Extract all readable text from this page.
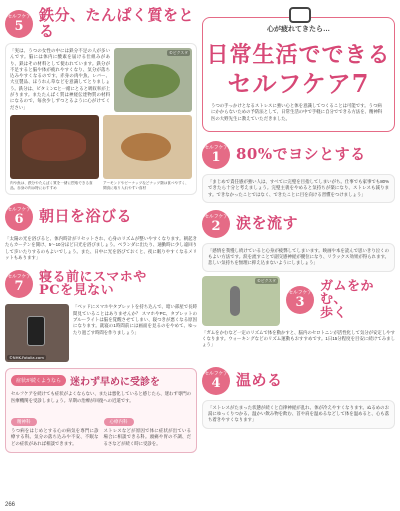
セルフケア
5
鉄分、たんぱく質をとる
「実は、うつの女性の中には鉄分不足の人が多いんです。脳には体内に酸素を届ける仕組みがあり、鉄はその材料として使われています。鉄分が不足すると脳や体が疲れやすくなり、気分が落ち込みやすくなるのです。赤身の肉や魚、レバー、大豆製品、ほうれん草などを意識してとりましょう。鉄分は、ビタミンCと一緒にとると吸収率が上がります。またたんぱく質は神経伝達物質の材料になるので、毎食少しずつとるように心がけてください」
©ピクスタ
肉や魚は、鉄分やたんぱく質を一緒に摂取できる食品。赤身の肉は特におすすめ
アーモンドやビーナッツなどナッツ類は食べやすく、間食に取り入れやすい食材
セルフケア
6 朝日を浴びる
「太陽の光を浴びると、体内時計がリセットされ、心身のリズムが整いやすくなります。朝起きたらカーテンを開け、5〜10分ほど日光を浴びましょう。ベランダに出たり、通勤時に少し遠回りして歩いたりするのもよいでしょう。また、日中に光を浴びておくと、夜に眠りやすくなるメリットもあります」
セルフケア
7
寝る前にスマホや
PCを見ない
©NHK-Fotolia.com
「ベッドにスマホやタブレットを持ち込んで、暗い部屋で長時間見ていることはありませんか？ スマホやPC、タブレットのブルーライトは脳を覚醒させてしまい、寝つきが悪くなる原因になります。就寝の1時間前には画面を見るのをやめて、ゆったり過ごす時間を作りましょう」
症状が続くようなら 迷わず早めに受診を
セルフケアを続けても症状がよくならない、または悪化していると感じたら、迷わず専門の医療機関を受診しましょう。早期の治療が回復への近道です。
精神科
うつ病をはじめとする心の病気を専門に診療する科。気分の落ち込みや不安、不眠などの症状があれば相談できます。
心療内科
ストレスなどが原因で体に症状が出ている場合に相談できる科。頭痛や胃の不調、だるさなどが続く時に受診を。
心が疲れてきたら…
日常生活でできる
セルフケア7
うつの手っかけとなるストレスに強い心と体を意識してつくることは可能です。うつ病にかからないための予防法として、日常生活の中で手軽に自分でできる方法を、精神科医の大野先生に教えていただきました。
セルフケア
1 80%でヨシとする
「まじめで責任感が強い人は、すべてに完璧を目指してしまいがち。仕事でも家事でも80%できたら十分と考えましょう。完璧主義をやめると気持ちが楽になり、ストレスも減ります。できなかったことではなく、できたことに目を向ける習慣をつけましょう」
セルフケア
2 涙を流す
「感情を我慢し続けていると心身が疲弊してしまいます。映画や本を読んで思いきり泣くのもよい方法です。涙を流すことで副交感神経が優位になり、リラックス効果が得られます。悲しい気持ちを無理に抑え込まないようにしましょう」
©ピクスタ
セルフケア
3
ガムをかむ、
歩く
「ガムをかむなど一定のリズムで体を動かすと、脳内のセロトニンが活性化して気分が安定しやすくなります。ウォーキングなどのリズム運動もおすすめです。1日15分程度を目安に続けてみましょう」
セルフケア
4 温める
「ストレスがたまった状態が続くと自律神経が乱れ、体が冷えやすくなります。ぬるめのお湯にゆっくりつかる、温かい飲み物を飲む、首や肩を温めるなどして体を温めると、心も落ち着きやすくなります」
266
